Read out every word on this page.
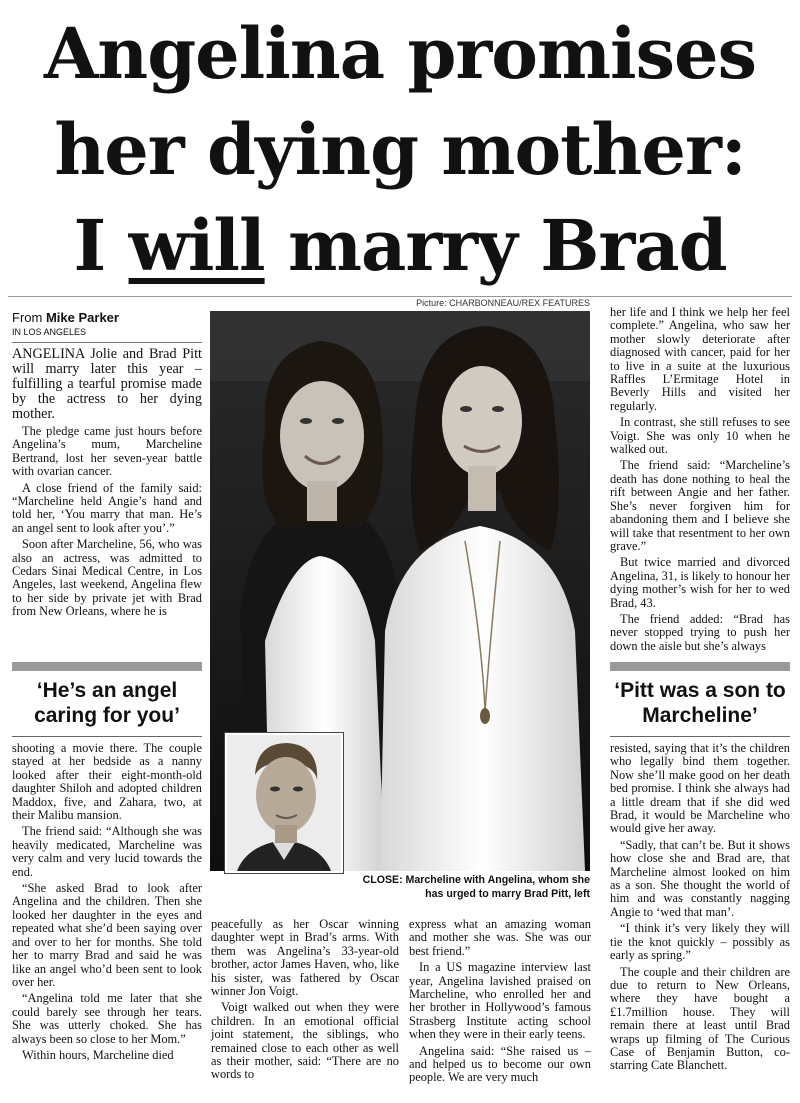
Angelina promises
her dying mother:
I will marry Brad
Picture: CHARBONNEAU/REX FEATURES
From Mike Parker
IN LOS ANGELES

ANGELINA Jolie and Brad Pitt will marry later this year – fulfilling a tearful promise made by the actress to her dying mother.

The pledge came just hours before Angelina’s mum, Marcheline Bertrand, lost her seven-year battle with ovarian cancer.

A close friend of the family said: “Marcheline held Angie’s hand and told her, ‘You marry that man. He’s an angel sent to look after you’.”

Soon after Marcheline, 56, who was also an actress, was admitted to Cedars Sinai Medical Centre, in Los Angeles, last weekend, Angelina flew to her side by private jet with Brad from New Orleans, where he is

‘He’s an angel caring for you’

shooting a movie there. The couple stayed at her bedside as a nanny looked after their eight-month-old daughter Shiloh and adopted children Maddox, five, and Zahara, two, at their Malibu mansion.

The friend said: “Although she was heavily medicated, Marcheline was very calm and very lucid towards the end.

“She asked Brad to look after Angelina and the children. Then she looked her daughter in the eyes and repeated what she’d been saying over and over to her for months. She told her to marry Brad and said he was like an angel who’d been sent to look over her.

“Angelina told me later that she could barely see through her tears. She was utterly choked. She has always been so close to her Mom.”

Within hours, Marcheline died

CLOSE: Marcheline with Angelina, whom she has urged to marry Brad Pitt, left

peacefully as her Oscar winning daughter wept in Brad’s arms. With them was Angelina’s 33-year-old brother, actor James Haven, who, like his sister, was fathered by Oscar winner Jon Voigt.

Voigt walked out when they were children. In an emotional official joint statement, the siblings, who remained close to each other as well as their mother, said: “There are no words to

express what an amazing woman and mother she was. She was our best friend.”

In a US magazine interview last year, Angelina lavished praised on Marcheline, who enrolled her and her brother in Hollywood’s famous Strasberg Institute acting school when they were in their early teens.

Angelina said: “She raised us – and helped us to become our own people. We are very much

her life and I think we help her feel complete.” Angelina, who saw her mother slowly deteriorate after diagnosed with cancer, paid for her to live in a suite at the luxurious Raffles L’Ermitage Hotel in Beverly Hills and visited her regularly.

In contrast, she still refuses to see Voigt. She was only 10 when he walked out.

The friend said: “Marcheline’s death has done nothing to heal the rift between Angie and her father. She’s never forgiven him for abandoning them and I believe she will take that resentment to her own grave.”

But twice married and divorced Angelina, 31, is likely to honour her dying mother’s wish for her to wed Brad, 43.

The friend added: “Brad has never stopped trying to push her down the aisle but she’s always

‘Pitt was a son to Marcheline’

resisted, saying that it’s the children who legally bind them together. Now she’ll make good on her death bed promise. I think she always had a little dream that if she did wed Brad, it would be Marcheline who would give her away.

“Sadly, that can’t be. But it shows how close she and Brad are, that Marcheline almost looked on him as a son. She thought the world of him and was constantly nagging Angie to ‘wed that man’.

“I think it’s very likely they will tie the knot quickly – possibly as early as spring.”

The couple and their children are due to return to New Orleans, where they have bought a £1.7million house. They will remain there at least until Brad wraps up filming of The Curious Case of Benjamin Button, co-starring Cate Blanchett.
